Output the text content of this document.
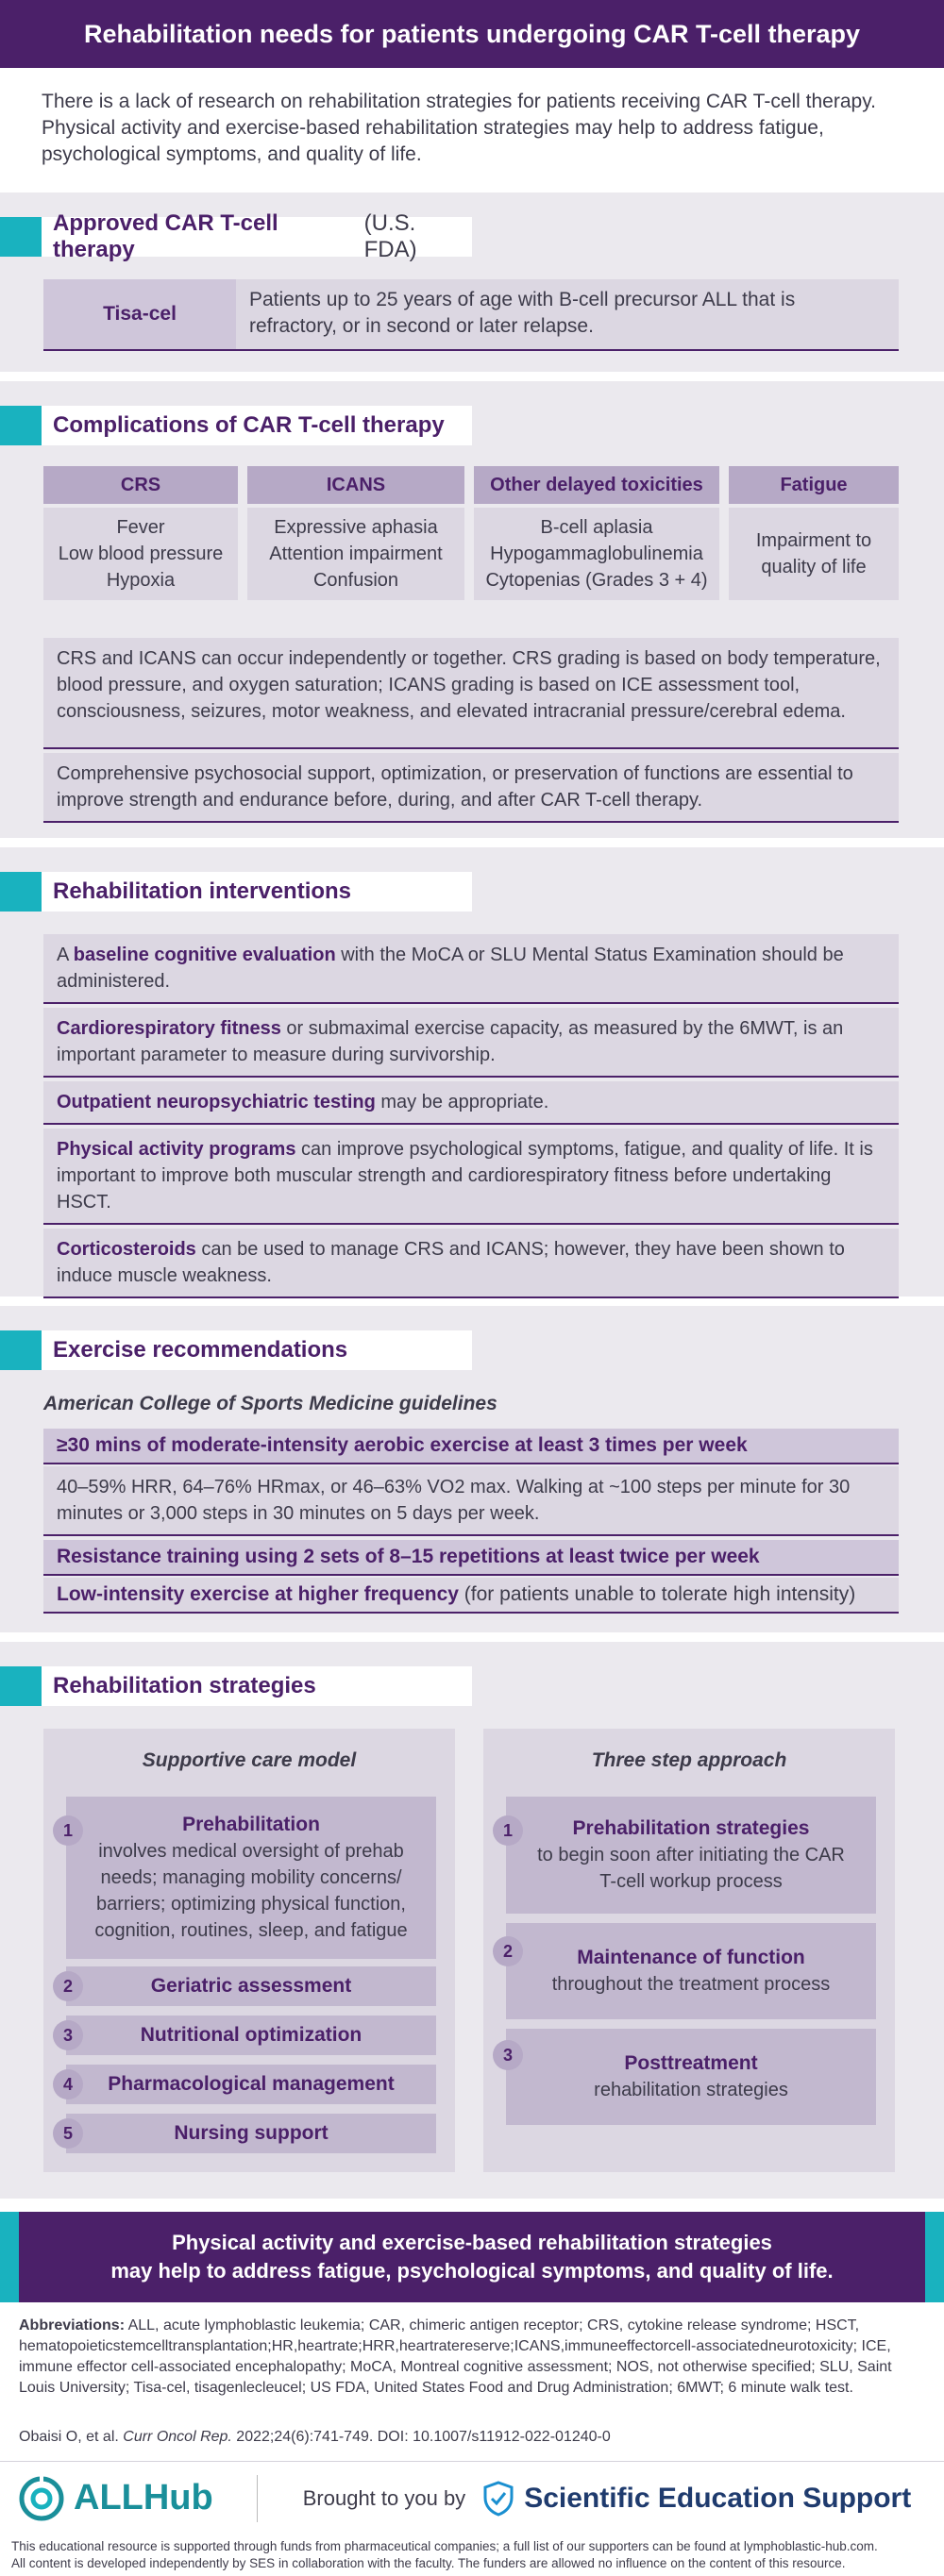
Rehabilitation needs for patients undergoing CAR T-cell therapy
There is a lack of research on rehabilitation strategies for patients receiving CAR T-cell therapy. Physical activity and exercise-based rehabilitation strategies may help to address fatigue, psychological symptoms, and quality of life.
Approved CAR T-cell therapy
(U.S. FDA)
Tisa-cel
Patients up to 25 years of age with B-cell precursor ALL that is refractory, or in second or later relapse.
Complications of CAR T-cell therapy
CRS
Fever
Low blood pressure
Hypoxia
ICANS
Expressive aphasia
Attention impairment
Confusion
Other delayed toxicities
B-cell aplasia
Hypogammaglobulinemia
Cytopenias (Grades 3 + 4)
Fatigue
Impairment to
quality of life
CRS and ICANS can occur independently or together. CRS grading is based on body temperature, blood pressure, and oxygen saturation; ICANS grading is based on ICE assessment tool, consciousness, seizures, motor weakness, and elevated intracranial pressure/cerebral edema.
Comprehensive psychosocial support, optimization, or preservation of functions are essential to improve strength and endurance before, during, and after CAR T-cell therapy.
Rehabilitation interventions
A baseline cognitive evaluation with the MoCA or SLU Mental Status Examination should be administered.
Cardiorespiratory fitness or submaximal exercise capacity, as measured by the 6MWT, is an important parameter to measure during survivorship.
Outpatient neuropsychiatric testing may be appropriate.
Physical activity programs can improve psychological symptoms, fatigue, and quality of life. It is important to improve both muscular strength and cardiorespiratory fitness before undertaking HSCT.
Corticosteroids can be used to manage CRS and ICANS; however, they have been shown to induce muscle weakness.
Exercise recommendations
American College of Sports Medicine guidelines
≥30 mins of moderate-intensity aerobic exercise at least 3 times per week
40–59% HRR, 64–76% HRmax, or 46–63% VO2 max. Walking at ~100 steps per minute for 30 minutes or 3,000 steps in 30 minutes on 5 days per week.
Resistance training using 2 sets of 8–15 repetitions at least twice per week
Low-intensity exercise at higher frequency (for patients unable to tolerate high intensity)
Rehabilitation strategies
Supportive care model
Prehabilitation
involves medical oversight of prehab needs; managing mobility concerns/ barriers; optimizing physical function, cognition, routines, sleep, and fatigue
1
Geriatric assessment
2
Nutritional optimization
3
Pharmacological management
4
Three step approach
Prehabilitation strategies
to begin soon after initiating the CAR T-cell workup process
1
Maintenance of function
throughout the treatment process
2
Posttreatment
rehabilitation strategies
3
Nursing support
5
Physical activity and exercise-based rehabilitation strategies
may help to address fatigue, psychological symptoms, and quality of life.
Abbreviations: ALL, acute lymphoblastic leukemia; CAR, chimeric antigen receptor; CRS, cytokine release syndrome; HSCT, hematopoieticstemcelltransplantation;HR,heartrate;HRR,heartratereserve;ICANS,immuneeffectorcell-associatedneurotoxicity; ICE, immune effector cell-associated encephalopathy; MoCA, Montreal cognitive assessment; NOS, not otherwise specified; SLU, Saint Louis University; Tisa-cel, tisagenlecleucel; US FDA, United States Food and Drug Administration; 6MWT; 6 minute walk test.
Obaisi O, et al. Curr Oncol Rep. 2022;24(6):741-749. DOI: 10.1007/s11912-022-01240-0
ALLHub	Brought to you by Scientific Education Support
This educational resource is supported through funds from pharmaceutical companies; a full list of our supporters can be found at lymphoblastic-hub.com.
All content is developed independently by SES in collaboration with the faculty. The funders are allowed no influence on the content of this resource.
